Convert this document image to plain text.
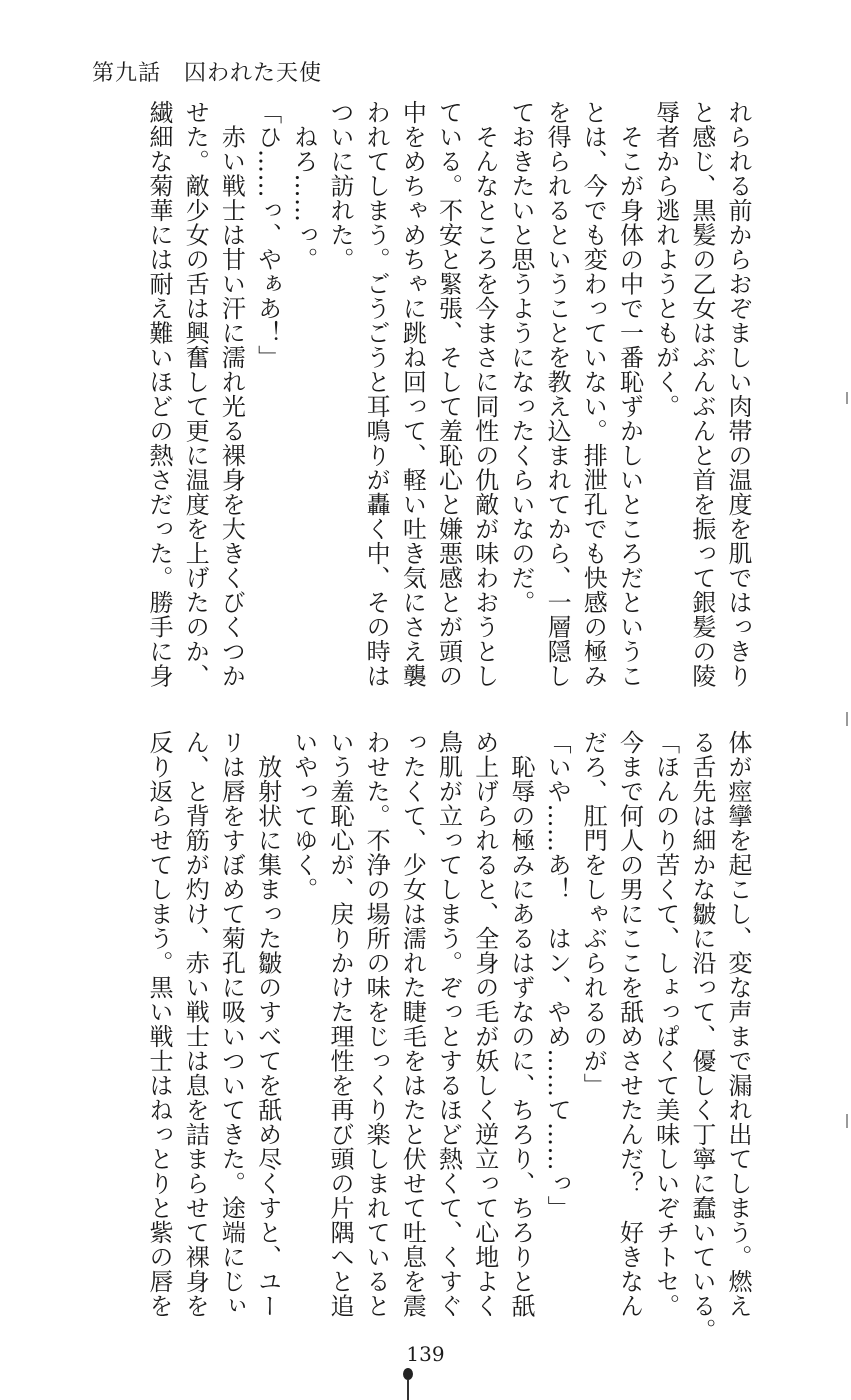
第九話　囚われた天使
れられる前からおぞましい肉帯の温度を肌ではっきり
と感じ、黒髪の乙女はぶんぶんと首を振って銀髪の陵
辱者から逃れようともがく。
　そこが身体の中で一番恥ずかしいところだというこ
とは、今でも変わっていない。排泄孔でも快感の極み
を得られるということを教え込まれてから、一層隠し
ておきたいと思うようになったくらいなのだ。
　そんなところを今まさに同性の仇敵が味わおうとし
ている。不安と緊張、そして羞恥心と嫌悪感とが頭の
中をめちゃめちゃに跳ね回って、軽い吐き気にさえ襲
われてしまう。ごうごうと耳鳴りが轟く中、その時は
ついに訪れた。
　ねろ……っ。
「ひ……っ、やぁあ！」
　赤い戦士は甘い汗に濡れ光る裸身を大きくびくつか
せた。敵少女の舌は興奮して更に温度を上げたのか、
繊細な菊華には耐え難いほどの熱さだった。勝手に身
体が痙攣を起こし、変な声まで漏れ出てしまう。燃え
る舌先は細かな皺に沿って、優しく丁寧に蠢いている。
「ほんのり苦くて、しょっぱくて美味しいぞチトセ。
今まで何人の男にここを舐めさせたんだ？　好きなん
だろ、肛門をしゃぶられるのが」
「いや……あ！　はン、やめ……て……っ」
　恥辱の極みにあるはずなのに、ちろり、ちろりと舐
め上げられると、全身の毛が妖しく逆立って心地よく
鳥肌が立ってしまう。ぞっとするほど熱くて、くすぐ
ったくて、少女は濡れた睫毛をはたと伏せて吐息を震
わせた。不浄の場所の味をじっくり楽しまれていると
いう羞恥心が、戻りかけた理性を再び頭の片隅へと追
いやってゆく。
　放射状に集まった皺のすべてを舐め尽くすと、ユー
リは唇をすぼめて菊孔に吸いついてきた。途端にじぃ
ん、と背筋が灼け、赤い戦士は息を詰まらせて裸身を
反り返らせてしまう。黒い戦士はねっとりと紫の唇を
139
